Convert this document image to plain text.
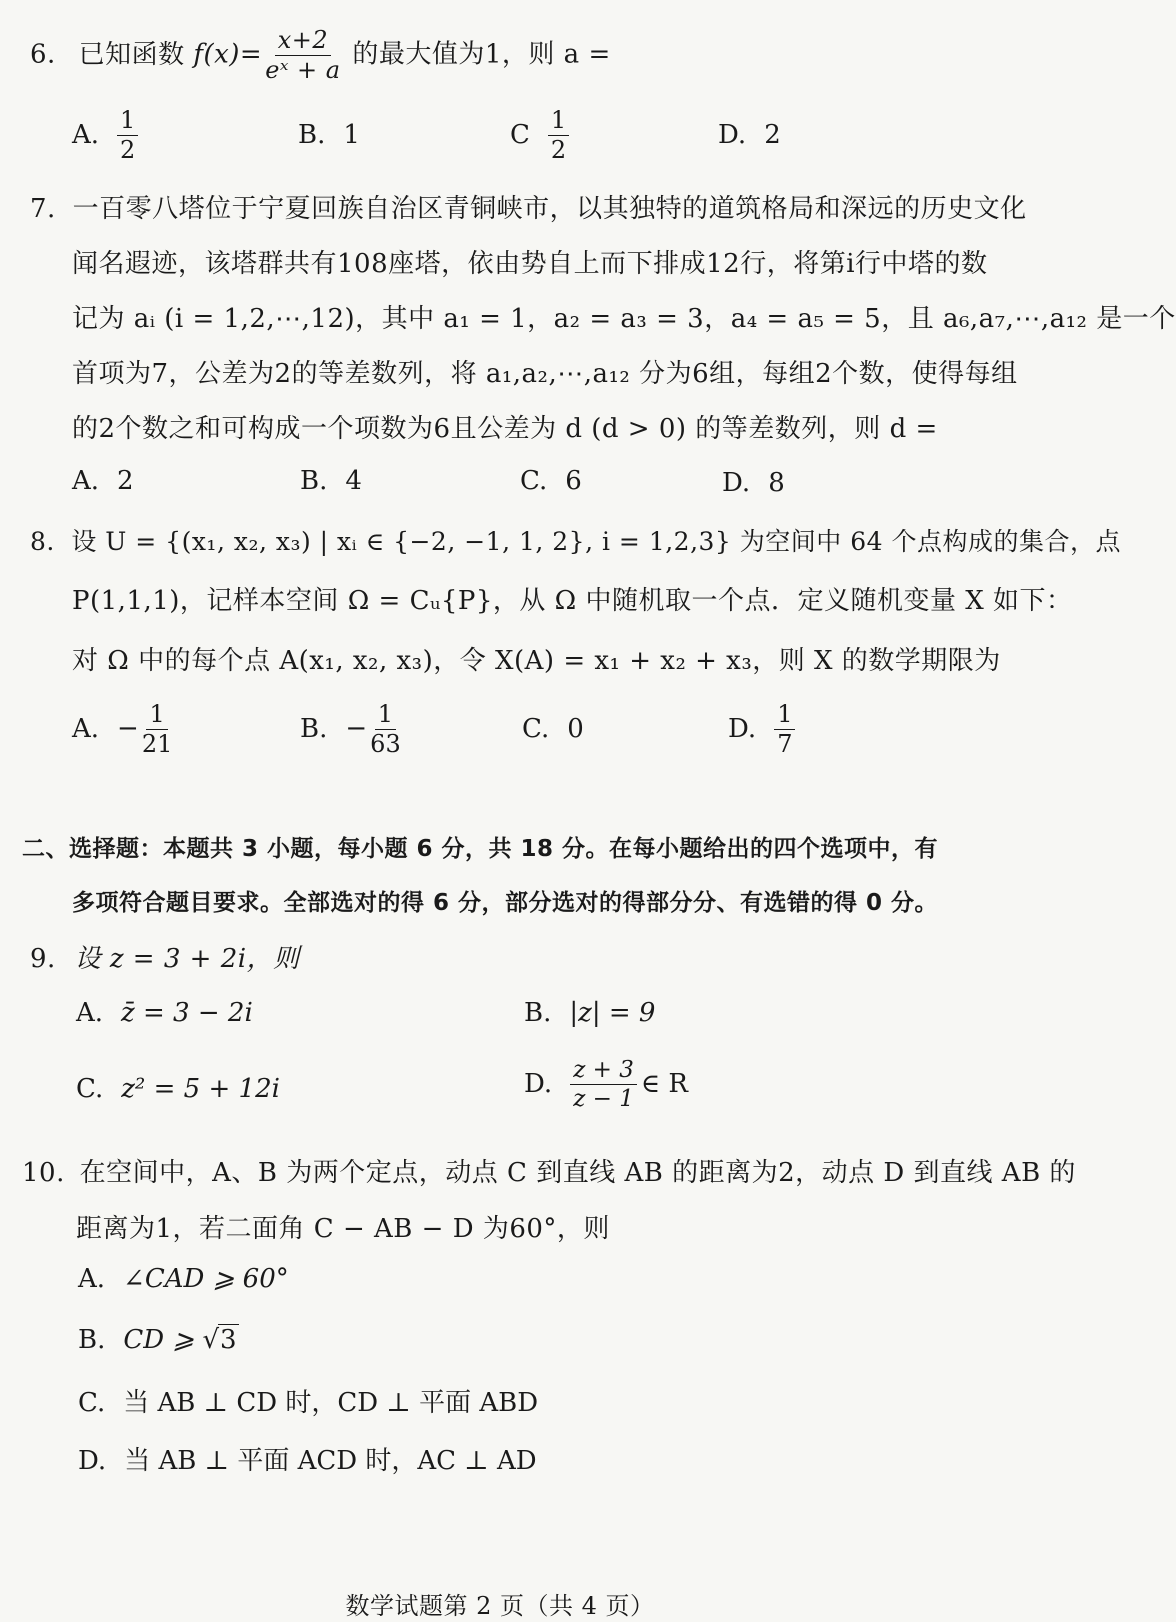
6. 已知函数 $f(x)= \frac{x+2}{\text{eˣ + a}}$ 的最大值为1，则 a =
A. $\frac{1}{2}$	B. 1	C $\frac{1}{2}$	D. 2
7. 一百零八塔位于宁夏回族自治区青铜峡市，以其独特的道筑格局和深远的历史文化
闻名遐迹，该塔群共有108座塔，依由势自上而下排成12行，将第i行中塔的数
记为 aᵢ (i = 1,2,⋯,12)，其中 a₁ = 1，a₂ = a₃ = 3，a₄ = a₅ = 5，且 a₆,a₇,⋯,a₁₂ 是一个
首项为7，公差为2的等差数列，将 a₁,a₂,⋯,a₁₂ 分为6组，每组2个数，使得每组
的2个数之和可构成一个项数为6且公差为 d (d > 0) 的等差数列，则 d =
A. 2	B. 4	C. 6	D. 8
8. 设 U = {(x₁, x₂, x₃) | xᵢ ∈ {−2, −1, 1, 2}, i = 1,2,3} 为空间中 64 个点构成的集合，点
P(1,1,1)，记样本空间 Ω = Cᵤ{P}，从 Ω 中随机取一个点．定义随机变量 X 如下：
对 Ω 中的每个点 A(x₁, x₂, x₃)，令 X(A) = x₁ + x₂ + x₃，则 X 的数学期限为
A. − $\frac{1}{21}$	B. − $\frac{1}{63}$	C. 0	D. $\frac{1}{7}$
二、选择题：本题共 3 小题，每小题 6 分，共 18 分。在每小题给出的四个选项中，有
多项符合题目要求。全部选对的得 6 分，部分选对的得部分分、有选错的得 0 分。
9. 设 z = 3 + 2i，则
A. z̄ = 3 − 2i	B. |z| = 9
C. z² = 5 + 12i	D. $\frac{z + 3}{z - 1}$ ∈ R
10. 在空间中，A、B 为两个定点，动点 C 到直线 AB 的距离为2，动点 D 到直线 AB 的
距离为1，若二面角 C − AB − D 为60°，则
A. ∠CAD ⩾ 60°
B. CD ⩾ √3
C. 当 AB ⊥ CD 时，CD ⊥ 平面 ABD
D. 当 AB ⊥ 平面 ACD 时，AC ⊥ AD
数学试题第 2 页（共 4 页）
